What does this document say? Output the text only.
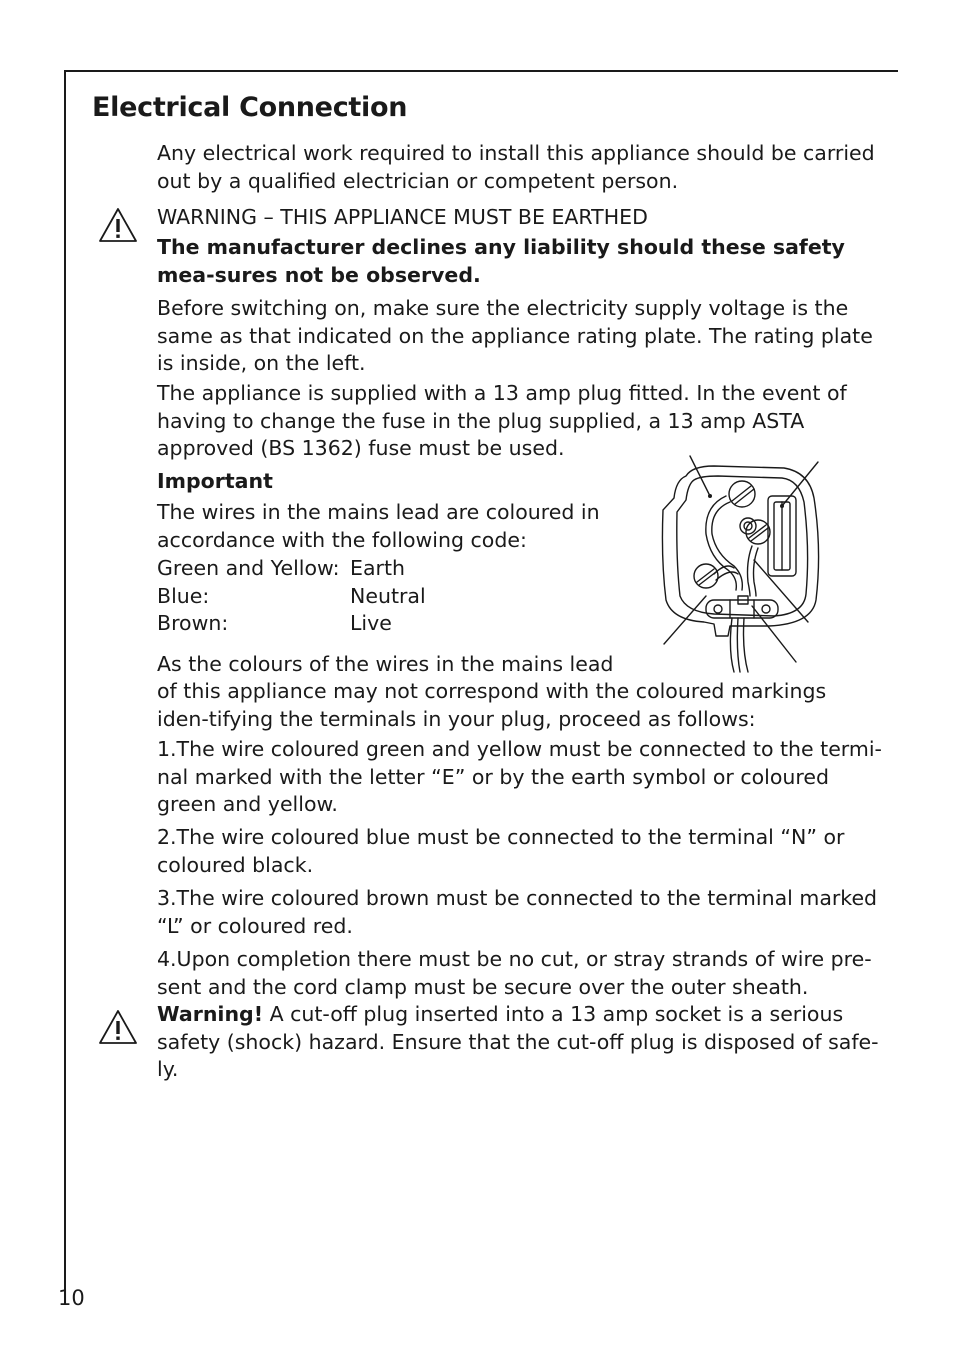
Electrical Connection

Any electrical work required to install this appliance should be carried out by a qualified electrician or competent person.

WARNING – THIS APPLIANCE MUST BE EARTHED

The manufacturer declines any liability should these safety mea-sures not be observed.

Before switching on, make sure the electricity supply voltage is the same as that indicated on the appliance rating plate. The rating plate is inside, on the left.

The appliance is supplied with a 13 amp plug fitted. In the event of having to change the fuse in the plug supplied, a 13 amp ASTA approved (BS 1362) fuse must be used.

Important

The wires in the mains lead are coloured in accordance with the following code:

Green and Yellow: Earth
Blue:	Neutral
Brown:	Live

As the colours of the wires in the mains lead

of this appliance may not correspond with the coloured markings iden-tifying the terminals in your plug, proceed as follows:

1.The wire coloured green and yellow must be connected to the termi-nal marked with the letter “E” or by the earth symbol or coloured green and yellow.

2.The wire coloured blue must be connected to the terminal “N” or coloured black.

3.The wire coloured brown must be connected to the terminal marked “L” or coloured red.

4.Upon completion there must be no cut, or stray strands of wire pre-sent and the cord clamp must be secure over the outer sheath.

Warning! A cut-off plug inserted into a 13 amp socket is a serious safety (shock) hazard. Ensure that the cut-off plug is disposed of safe-ly.

10
